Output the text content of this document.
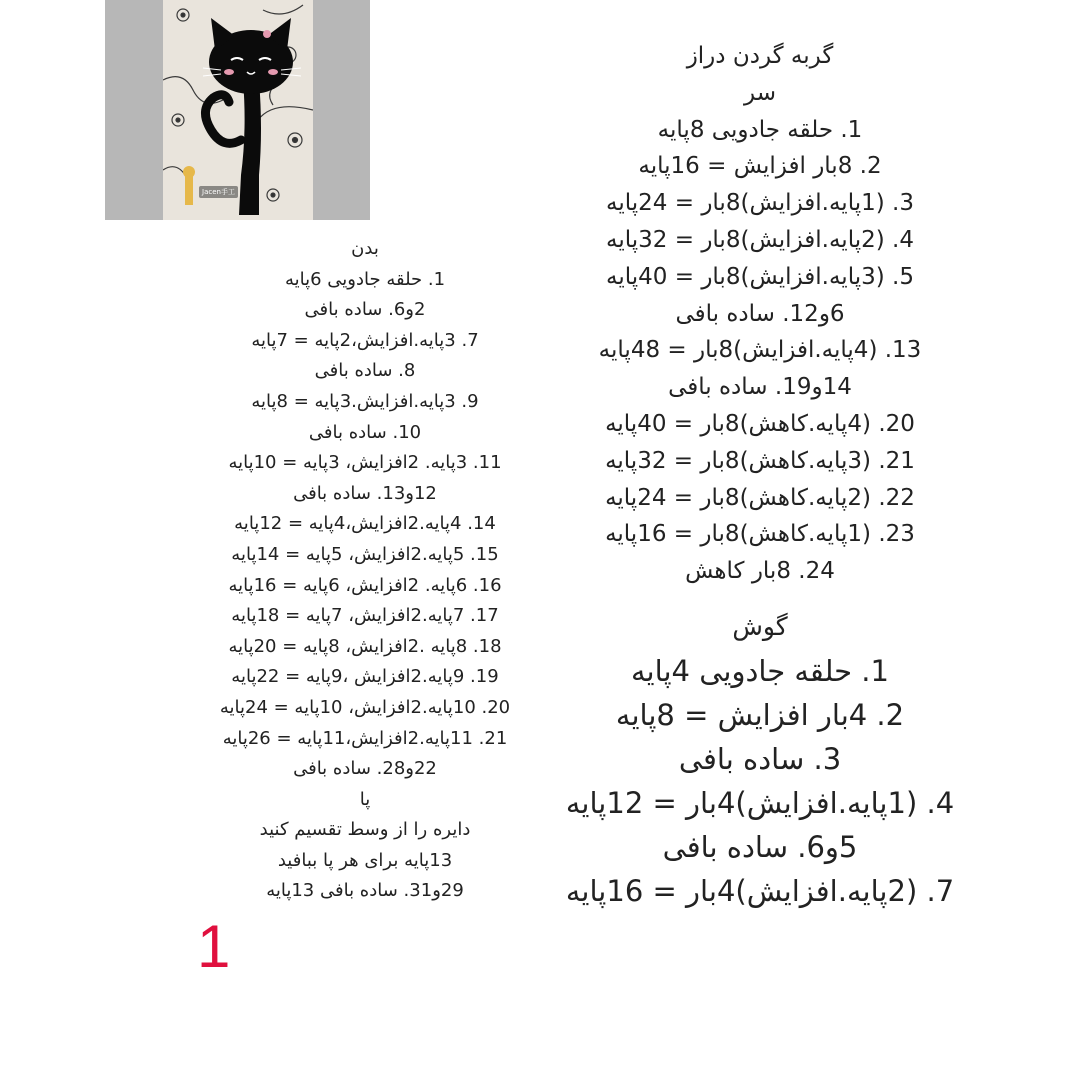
Jacen手工
بدن
1. حلقه جادویی 6پایه
2و6. ساده بافی
7. 3پایه.افزایش،2پایه = 7پایه
8. ساده بافی
9. 3پایه.افزایش.3پایه = 8پایه
10. ساده بافی
11. 3پایه. 2افزایش، 3پایه = 10پایه
12و13. ساده بافی
14. 4پایه.2افزایش،4پایه = 12پایه
15. 5پایه.2افزایش، 5پایه = 14پایه
16. 6پایه. 2افزایش، 6پایه = 16پایه
17. 7پایه.2افزایش، 7پایه = 18پایه
18. 8پایه .2افزایش، 8پایه = 20پایه
19. 9پایه.2افزایش ،9پایه = 22پایه
20. 10پایه.2افزایش، 10پایه = 24پایه
21. 11پایه.2افزایش،11پایه = 26پایه
22و28. ساده بافی
پا
دایره را از وسط تقسیم کنید
13پایه برای هر پا ببافید
29و31. ساده بافی 13پایه
گربه گردن دراز
سر
1. حلقه جادویی 8پایه
2. 8بار افزایش = 16پایه
3. (1پایه.افزایش)8بار = 24پایه
4. (2پایه.افزایش)8بار = 32پایه
5. (3پایه.افزایش)8بار = 40پایه
6و12. ساده بافی
13. (4پایه.افزایش)8بار = 48پایه
14و19. ساده بافی
20. (4پایه.کاهش)8بار = 40پایه
21. (3پایه.کاهش)8بار = 32پایه
22. (2پایه.کاهش)8بار = 24پایه
23. (1پایه.کاهش)8بار = 16پایه
24. 8بار کاهش
گوش
1. حلقه جادویی 4پایه
2. 4بار افزایش = 8پایه
3. ساده بافی
4. (1پایه.افزایش)4بار = 12پایه
5و6. ساده بافی
7. (2پایه.افزایش)4بار = 16پایه
1
